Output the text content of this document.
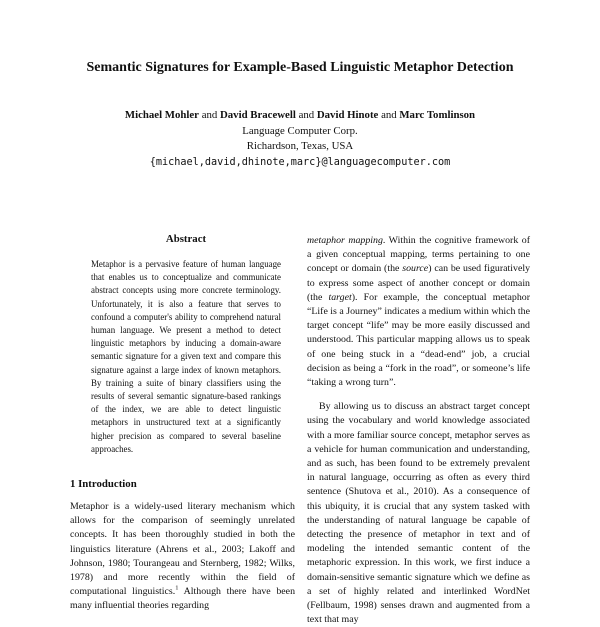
Semantic Signatures for Example-Based Linguistic Metaphor Detection
Michael Mohler and David Bracewell and David Hinote and Marc Tomlinson
Language Computer Corp.
Richardson, Texas, USA
{michael,david,dhinote,marc}@languagecomputer.com
Abstract
Metaphor is a pervasive feature of human language that enables us to conceptualize and communicate abstract concepts using more concrete terminology. Unfortunately, it is also a feature that serves to confound a computer's ability to comprehend natural human language. We present a method to detect linguistic metaphors by inducing a domain-aware semantic signature for a given text and compare this signature against a large index of known metaphors. By training a suite of binary classifiers using the results of several semantic signature-based rankings of the index, we are able to detect linguistic metaphors in unstructured text at a significantly higher precision as compared to several baseline approaches.
1 Introduction

Metaphor is a widely-used literary mechanism which allows for the comparison of seemingly unrelated concepts. It has been thoroughly studied in both the linguistics literature (Ahrens et al., 2003; Lakoff and Johnson, 1980; Tourangeau and Sternberg, 1982; Wilks, 1978) and more recently within the field of computational linguistics.$^1$ Although there have been many influential theories regarding

metaphor mapping. Within the cognitive framework of a given conceptual mapping, terms pertaining to one concept or domain (the source) can be used figuratively to express some aspect of another concept or domain (the target). For example, the conceptual metaphor “Life is a Journey” indicates a medium within which the target concept “life” may be more easily discussed and understood. This particular mapping allows us to speak of one being stuck in a “dead-end” job, a crucial decision as being a “fork in the road”, or someone’s life “taking a wrong turn”.

By allowing us to discuss an abstract target concept using the vocabulary and world knowledge associated with a more familiar source concept, metaphor serves as a vehicle for human communication and understanding, and as such, has been found to be extremely prevalent in natural language, occurring as often as every third sentence (Shutova et al., 2010). As a consequence of this ubiquity, it is crucial that any system tasked with the understanding of natural language be capable of detecting the presence of metaphor in text and of modeling the intended semantic content of the metaphoric expression. In this work, we first induce a domain-sensitive semantic signature which we define as a set of highly related and interlinked WordNet (Fellbaum, 1998) senses drawn and augmented from a text that may
